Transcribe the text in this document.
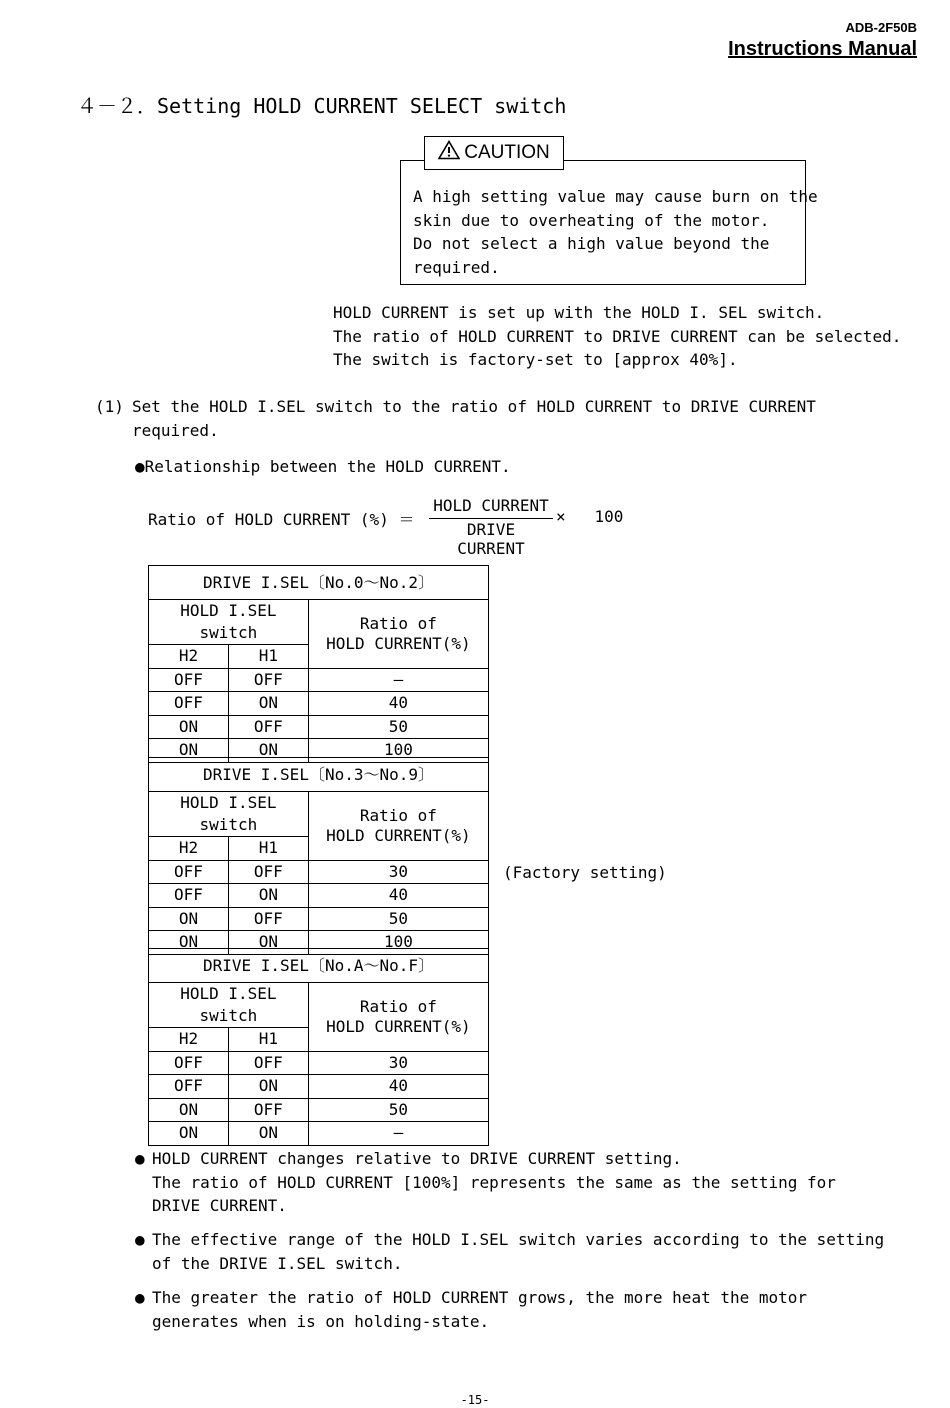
ADB-2F50B
Instructions Manual
４－２．Setting HOLD CURRENT SELECT switch
CAUTION
A high setting value may cause burn on the
skin due to overheating of the motor.
Do not select a high value beyond the
required.
HOLD CURRENT is set up with the HOLD I. SEL switch.
The ratio of HOLD CURRENT to DRIVE CURRENT can be selected.
The switch is factory-set to [approx 40%].
(1) Set the HOLD I.SEL switch to the ratio of HOLD CURRENT to DRIVE CURRENT
required.
●Relationship between the HOLD CURRENT.
Ratio of HOLD CURRENT (%) ＝
HOLD CURRENT
DRIVE CURRENT
×   100
DRIVE I.SEL〔No.0～No.2〕		
HOLD I.SEL switch		Ratio of
HOLD CURRENT(%)
H2	H1	
OFF	OFF	—
OFF	ON	40
ON	OFF	50
ON	ON	100
DRIVE I.SEL〔No.3～No.9〕		
HOLD I.SEL switch		Ratio of
HOLD CURRENT(%)
H2	H1	
OFF	OFF	30
OFF	ON	40
ON	OFF	50
ON	ON	100
(Factory setting)
DRIVE I.SEL〔No.A～No.F〕		
HOLD I.SEL switch		Ratio of
HOLD CURRENT(%)
H2	H1	
OFF	OFF	30
OFF	ON	40
ON	OFF	50
ON	ON	—
● HOLD CURRENT changes relative to DRIVE CURRENT setting.
The ratio of HOLD CURRENT [100%] represents the same as the setting for
DRIVE CURRENT.
● The effective range of the HOLD I.SEL switch varies according to the setting
of the DRIVE I.SEL switch.
● The greater the ratio of HOLD CURRENT grows, the more heat the motor
generates when is on holding-state.
-15-
